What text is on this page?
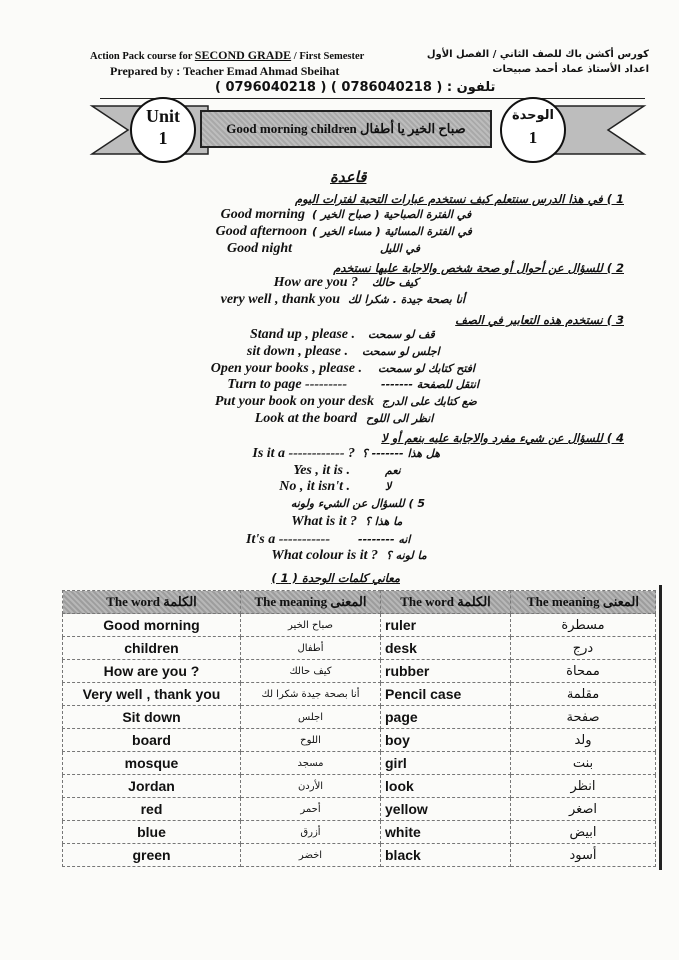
Action Pack course for SECOND GRADE / First Semester
Prepared by : Teacher Emad Ahmad Sbeihat
كورس أكشن باك للصف الثاني / الفصل الأول
اعداد الأستاذ عماد أحمد صبيحات
تلفون : ( 0786040218 ) ( 0796040218 )
Good morning children صباح الخير يا أطفال
Unit
1
الوحدة
1
قاعدة
1 ) في هذا الدرس سنتعلم كيف نستخدم عبارات التحية لفترات اليوم
Good morning في الفترة الصباحية ( صباح الخير )
Good afternoon في الفترة المسائية ( مساء الخير )
Good night	في الليل
2 ) للسؤال عن أحوال أو صحة شخص والاجابة عليها نستخدم
How are you ? كيف حالك
very well , thank you أنا بصحة جيدة . شكرا لك
3 ) نستخدم هذه التعابير في الصف
Stand up , please . قف لو سمحت
sit down , please . اجلس لو سمحت
Open your books , please . افتح كتابك لو سمحت
Turn to page ---------	انتقل للصفحة -------
Put your book on your desk ضع كتابك على الدرج
Look at the board انظر الى اللوح
4 ) للسؤال عن شيء مفرد والاجابة عليه بنعم أو لا
Is it a ------------ ? هل هذا ------- ؟
Yes , it is .	نعم
No , it isn't .	لا
5 ) للسؤال عن الشيء ولونه
What is it ? ما هذا ؟
It's a -----------	انه --------
What colour is it ? ما لونه ؟
معاني كلمات الوحدة ( 1 )
The word الكلمة	The meaning المعنى	The word الكلمة	The meaning المعنى
Good morning	صباح الخير	ruler	مسطرة
children	أطفال	desk	درج
How are you ?	كيف حالك	rubber	ممحاة
Very well , thank you	أنا بصحة جيدة شكرا لك	Pencil case	مقلمة
Sit down	اجلس	page	صفحة
board	اللوح	boy	ولد
mosque	مسجد	girl	بنت
Jordan	الأردن	look	انظر
red	أحمر	yellow	اصغر
blue	أزرق	white	ابيض
green	اخضر	black	أسود
